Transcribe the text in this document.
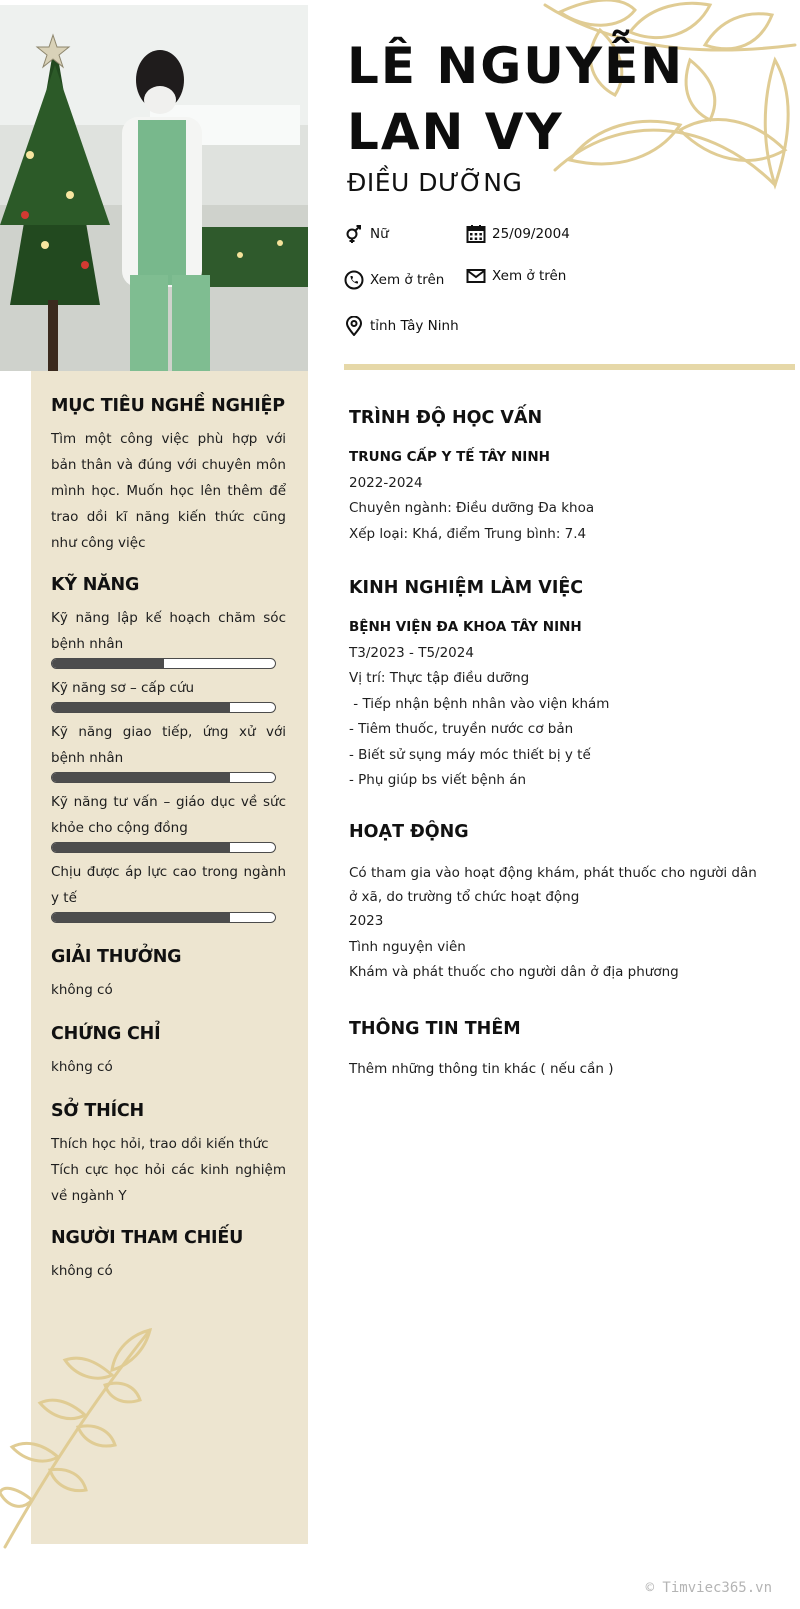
MỤC TIÊU NGHỀ NGHIỆP
Tìm một công việc phù hợp với bản thân và đúng với chuyên môn mình học. Muốn học lên thêm để trao dồi kĩ năng kiến thức cũng như công việc
KỸ NĂNG
Kỹ năng lập kế hoạch chăm sóc bệnh nhân
Kỹ năng sơ – cấp cứu
Kỹ năng giao tiếp, ứng xử với bệnh nhân
Kỹ năng tư vấn – giáo dục về sức khỏe cho cộng đồng
Chịu được áp lực cao trong ngành y tế
GIẢI THƯỞNG
không có
CHỨNG CHỈ
không có
SỞ THÍCH
Thích học hỏi, trao dồi kiến thức
Tích cực học hỏi các kinh nghiệm về ngành Y
NGƯỜI THAM CHIẾU
không có
LÊ NGUYỄN
LAN VY
ĐIỀU DƯỠNG
Nữ	25/09/2004
Xem ở trên	Xem ở trên
tỉnh Tây Ninh
TRÌNH ĐỘ HỌC VẤN
TRUNG CẤP Y TẾ TÂY NINH
2022-2024
Chuyên ngành: Điều dưỡng Đa khoa
Xếp loại: Khá, điểm Trung bình: 7.4
KINH NGHIỆM LÀM VIỆC
BỆNH VIỆN ĐA KHOA TÂY NINH
T3/2023 - T5/2024
Vị trí: Thực tập điều dưỡng
- Tiếp nhận bệnh nhân vào viện khám
- Tiêm thuốc, truyền nước cơ bản
- Biết sử sụng máy móc thiết bị y tế
- Phụ giúp bs viết bệnh án
HOẠT ĐỘNG
Có tham gia vào hoạt động khám, phát thuốc cho người dân ở xã, do trường tổ chức hoạt động
2023
Tình nguyện viên
Khám và phát thuốc cho người dân ở địa phương
THÔNG TIN THÊM
Thêm những thông tin khác ( nếu cần )
© Timviec365.vn
